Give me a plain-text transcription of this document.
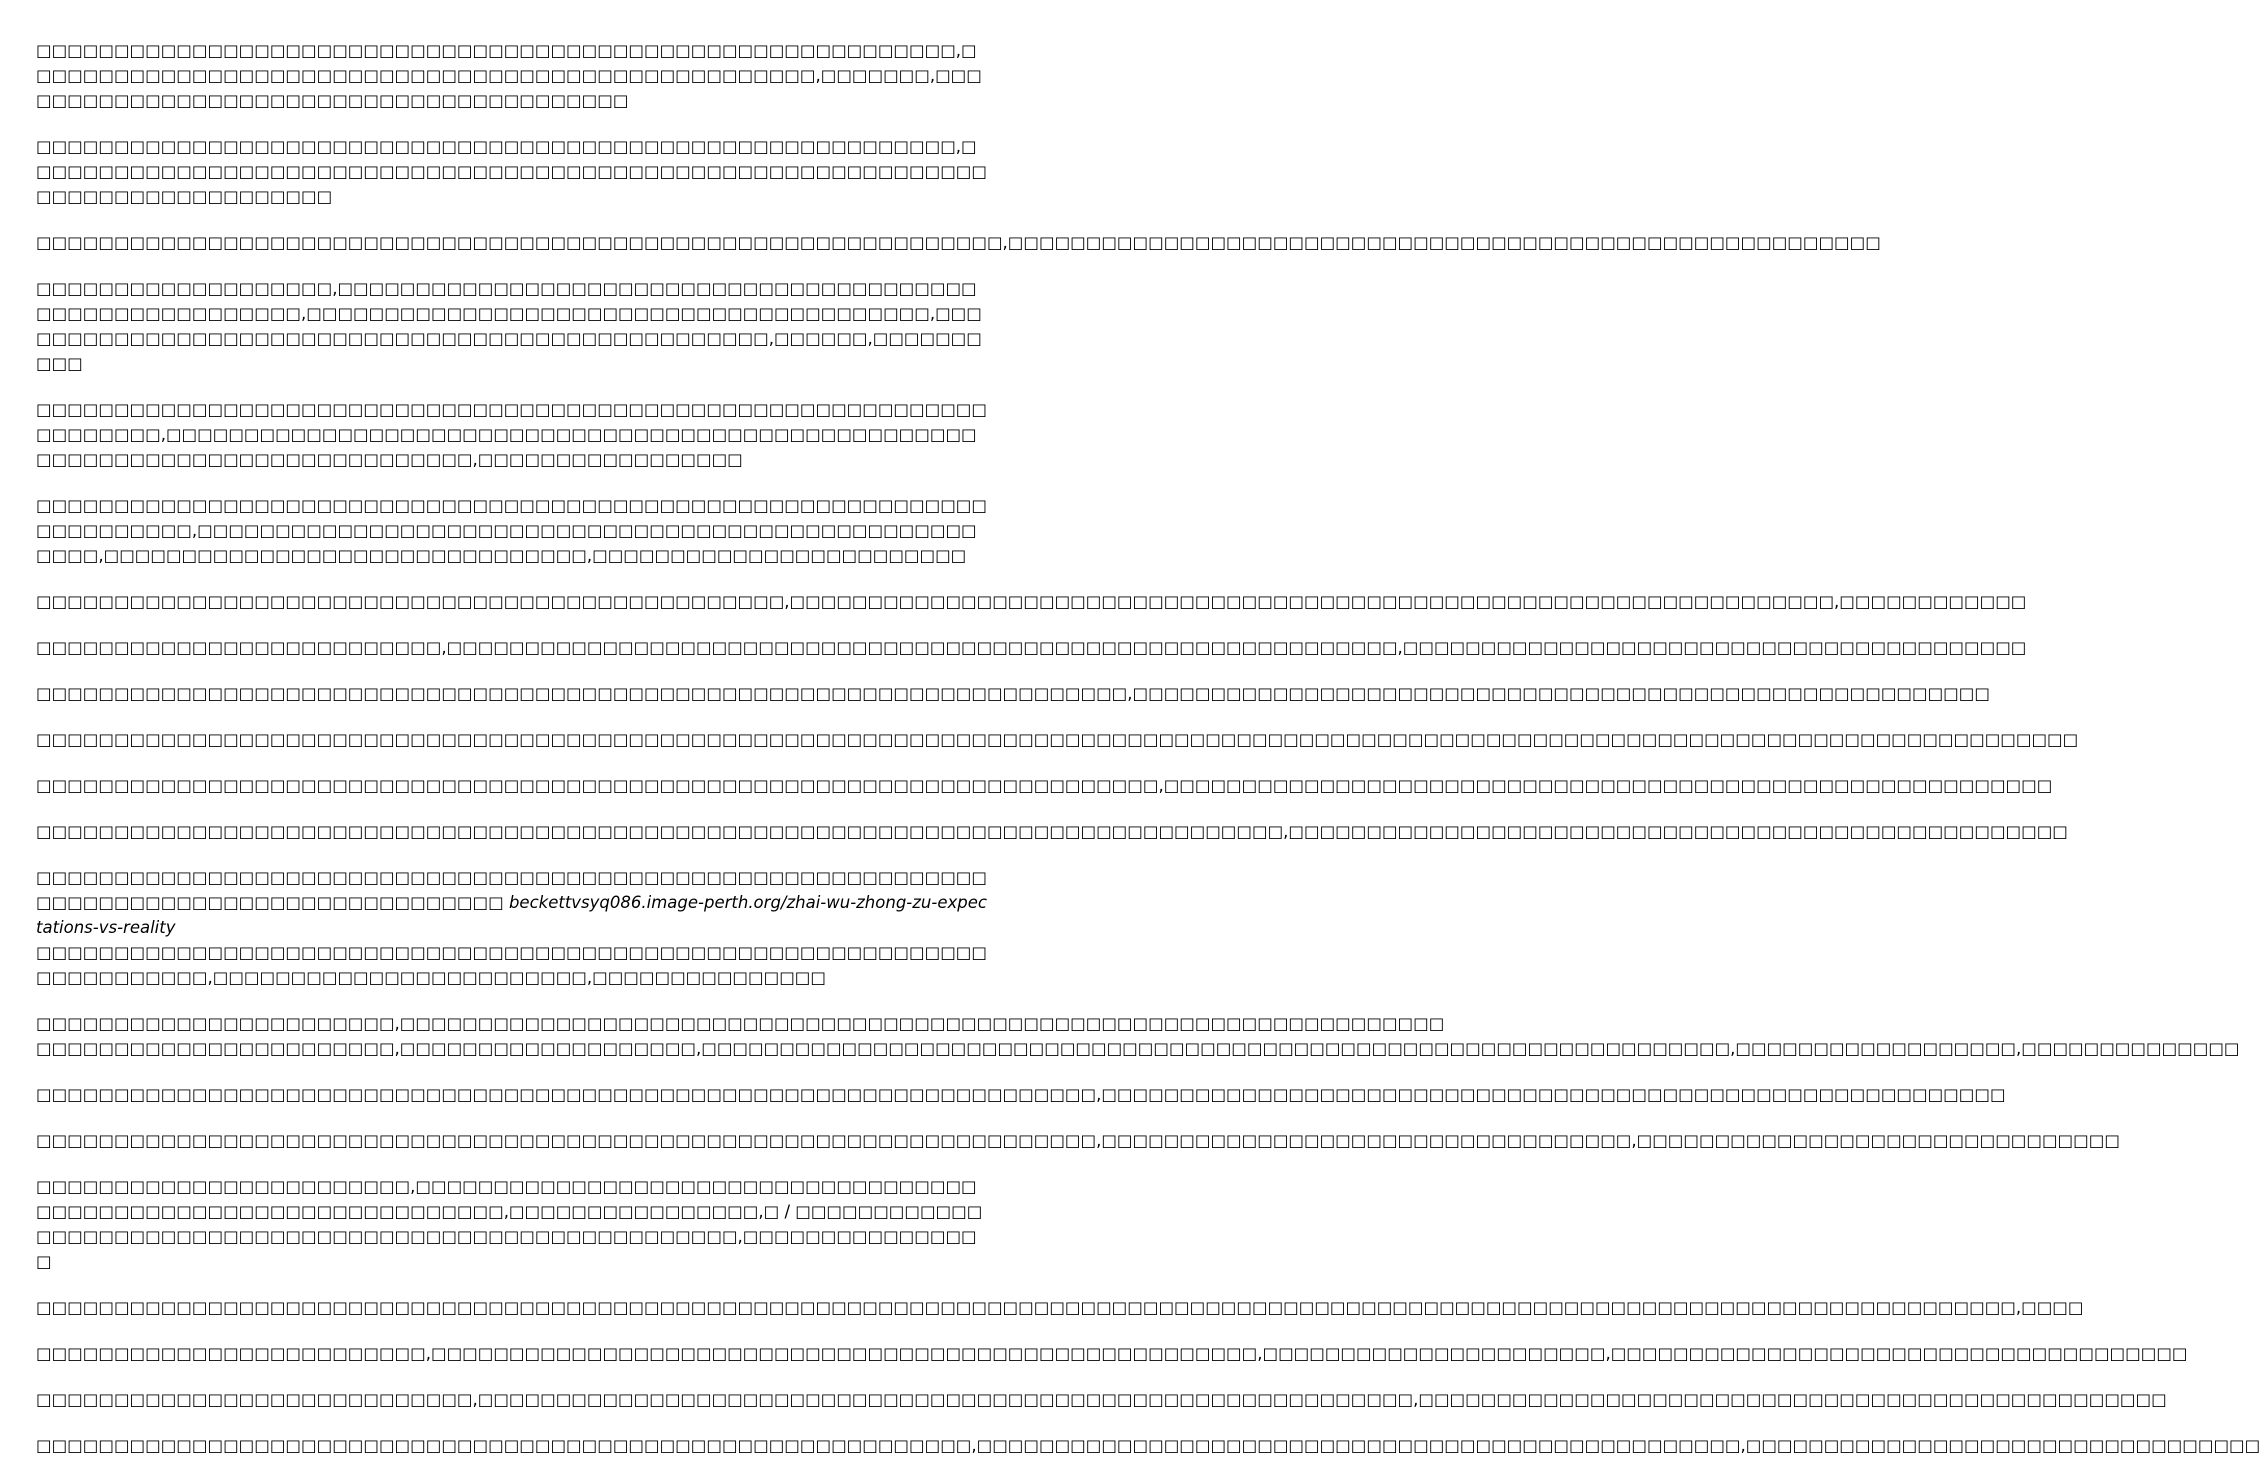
□□□□□□□□□□□□□□□□□□□□□□□□□□□□□□□□□□□□□□□□□□□□□□□□□□□□□□□□□□□,□□□□□□□□□□□□□□□□□□□□□□□□□□□□□□□□□□□□□□□□□□□□□□□□□□□,□□□□□□□,□□□□□□□□□□□□□□□□□□□□□□□□□□□□□□□□□□□□□□□□□

□□□□□□□□□□□□□□□□□□□□□□□□□□□□□□□□□□□□□□□□□□□□□□□□□□□□□□□□□□□,□□□□□□□□□□□□□□□□□□□□□□□□□□□□□□□□□□□□□□□□□□□□□□□□□□□□□□□□□□□□□□□□□□□□□□□□□□□□□□□□□

□□□□□□□□□□□□□□□□□□□□□□□□□□□□□□□□□□□□□□□□□□□□□□□□□□□□□□□□□□□□□□,□□□□□□□□□□□□□□□□□□□□□□□□□□□□□□□□□□□□□□□□□□□□□□□□□□□□□□□□

□□□□□□□□□□□□□□□□□□□,□□□□□□□□□□□□□□□□□□□□□□□□□□□□□□□□□□□□□□□□□□□□□□□□□□□□□□□□□□,□□□□□□□□□□□□□□□□□□□□□□□□□□□□□□□□□□□□□□□□,□□□□□□□□□□□□□□□□□□□□□□□□□□□□□□□□□□□□□□□□□□□□□□□□□□,□□□□□□,□□□□□□□□□□

□□□□□□□□□□□□□□□□□□□□□□□□□□□□□□□□□□□□□□□□□□□□□□□□□□□□□□□□□□□□□□□□□□□□□,□□□□□□□□□□□□□□□□□□□□□□□□□□□□□□□□□□□□□□□□□□□□□□□□□□□□□□□□□□□□□□□□□□□□□□□□□□□□□□□□,□□□□□□□□□□□□□□□□□

□□□□□□□□□□□□□□□□□□□□□□□□□□□□□□□□□□□□□□□□□□□□□□□□□□□□□□□□□□□□□□□□□□□□□□□,□□□□□□□□□□□□□□□□□□□□□□□□□□□□□□□□□□□□□□□□□□□□□□□□□□□□□□,□□□□□□□□□□□□□□□□□□□□□□□□□□□□□□□,□□□□□□□□□□□□□□□□□□□□□□□□

□□□□□□□□□□□□□□□□□□□□□□□□□□□□□□□□□□□□□□□□□□□□□□□□,□□□□□□□□□□□□□□□□□□□□□□□□□□□□□□□□□□□□□□□□□□□□□□□□□□□□□□□□□□□□□□□□□□□,□□□□□□□□□□□□

□□□□□□□□□□□□□□□□□□□□□□□□□□,□□□□□□□□□□□□□□□□□□□□□□□□□□□□□□□□□□□□□□□□□□□□□□□□□□□□□□□□□□□□□,□□□□□□□□□□□□□□□□□□□□□□□□□□□□□□□□□□□□□□□□

□□□□□□□□□□□□□□□□□□□□□□□□□□□□□□□□□□□□□□□□□□□□□□□□□□□□□□□□□□□□□□□□□□□□□□,□□□□□□□□□□□□□□□□□□□□□□□□□□□□□□□□□□□□□□□□□□□□□□□□□□□□□□□

□□□□□□□□□□□□□□□□□□□□□□□□□□□□□□□□□□□□□□□□□□□□□□□□□□□□□□□□□□□□□□□□□□□□□□□□□□□□□□□□□□□□□□□□□□□□□□□□□□□□□□□□□□□□□□□□□□□□□□□□□□□□□□□□□□□

□□□□□□□□□□□□□□□□□□□□□□□□□□□□□□□□□□□□□□□□□□□□□□□□□□□□□□□□□□□□□□□□□□□□□□□□,□□□□□□□□□□□□□□□□□□□□□□□□□□□□□□□□□□□□□□□□□□□□□□□□□□□□□□□□□

□□□□□□□□□□□□□□□□□□□□□□□□□□□□□□□□□□□□□□□□□□□□□□□□□□□□□□□□□□□□□□□□□□□□□□□□□□□□□□□□,□□□□□□□□□□□□□□□□□□□□□□□□□□□□□□□□□□□□□□□□□□□□□□□□□□

□□□□□□□□□□□□□□□□□□□□□□□□□□□□□□□□□□□□□□□□□□□□□□□□□□□□□□□□□□□□□□□□□□□□□□□□□□□□□□□□□□□□□□□□□□□ beckettvsyq086.image-perth.org/zhai-wu-zhong-zu-expectations-vs-reality
□□□□□□□□□□□□□□□□□□□□□□□□□□□□□□□□□□□□□□□□□□□□□□□□□□□□□□□□□□□□□□□□□□□□□□□□,□□□□□□□□□□□□□□□□□□□□□□□□,□□□□□□□□□□□□□□□

□□□□□□□□□□□□□□□□□□□□□□□,□□□□□□□□□□□□□□□□□□□□□□□□□□□□□□□□□□□□□□□□□□□□□□□□□□□□□□□□□□□□□□□□□□□

□□□□□□□□□□□□□□□□□□□□□□□,□□□□□□□□□□□□□□□□□□□,□□□□□□□□□□□□□□□□□□□□□□□□□□□□□□□□□□□□□□□□□□□□□□□□□□□□□□□□□□□□□□□□□□,□□□□□□□□□□□□□□□□□□,□□□□□□□□□□□□□□

□□□□□□□□□□□□□□□□□□□□□□□□□□□□□□□□□□□□□□□□□□□□□□□□□□□□□□□□□□□□□□□□□□□□,□□□□□□□□□□□□□□□□□□□□□□□□□□□□□□□□□□□□□□□□□□□□□□□□□□□□□□□□□□

□□□□□□□□□□□□□□□□□□□□□□□□□□□□□□□□□□□□□□□□□□□□□□□□□□□□□□□□□□□□□□□□□□□□,□□□□□□□□□□□□□□□□□□□□□□□□□□□□□□□□□□,□□□□□□□□□□□□□□□□□□□□□□□□□□□□□□□

□□□□□□□□□□□□□□□□□□□□□□□□,□□□□□□□□□□□□□□□□□□□□□□□□□□□□□□□□□□□□□□□□□□□□□□□□□□□□□□□□□□□□□□□□□□,□□□□□□□□□□□□□□□□,□ / □□□□□□□□□□□□□□□□□□□□□□□□□□□□□□□□□□□□□□□□□□□□□□□□□□□□□□□□□,□□□□□□□□□□□□□□□□

□□□□□□□□□□□□□□□□□□□□□□□□□□□□□□□□□□□□□□□□□□□□□□□□□□□□□□□□□□□□□□□□□□□□□□□□□□□□□□□□□□□□□□□□□□□□□□□□□□□□□□□□□□□□□□□□□□□□□□□□□□□□□□□,□□□□

□□□□□□□□□□□□□□□□□□□□□□□□□,□□□□□□□□□□□□□□□□□□□□□□□□□□□□□□□□□□□□□□□□□□□□□□□□□□□□□,□□□□□□□□□□□□□□□□□□□□□□,□□□□□□□□□□□□□□□□□□□□□□□□□□□□□□□□□□□□□

□□□□□□□□□□□□□□□□□□□□□□□□□□□□,□□□□□□□□□□□□□□□□□□□□□□□□□□□□□□□□□□□□□□□□□□□□□□□□□□□□□□□□□□□□,□□□□□□□□□□□□□□□□□□□□□□□□□□□□□□□□□□□□□□□□□□□□□□□□

□□□□□□□□□□□□□□□□□□□□□□□□□□□□□□□□□□□□□□□□□□□□□□□□□□□□□□□□□□□□,□□□□□□□□□□□□□□□□□□□□□□□□□□□□□□□□□□□□□□□□□□□□□□□□□,□□□□□□□□□□□□□□□□□□□□□□□□□□□□□□□□□
